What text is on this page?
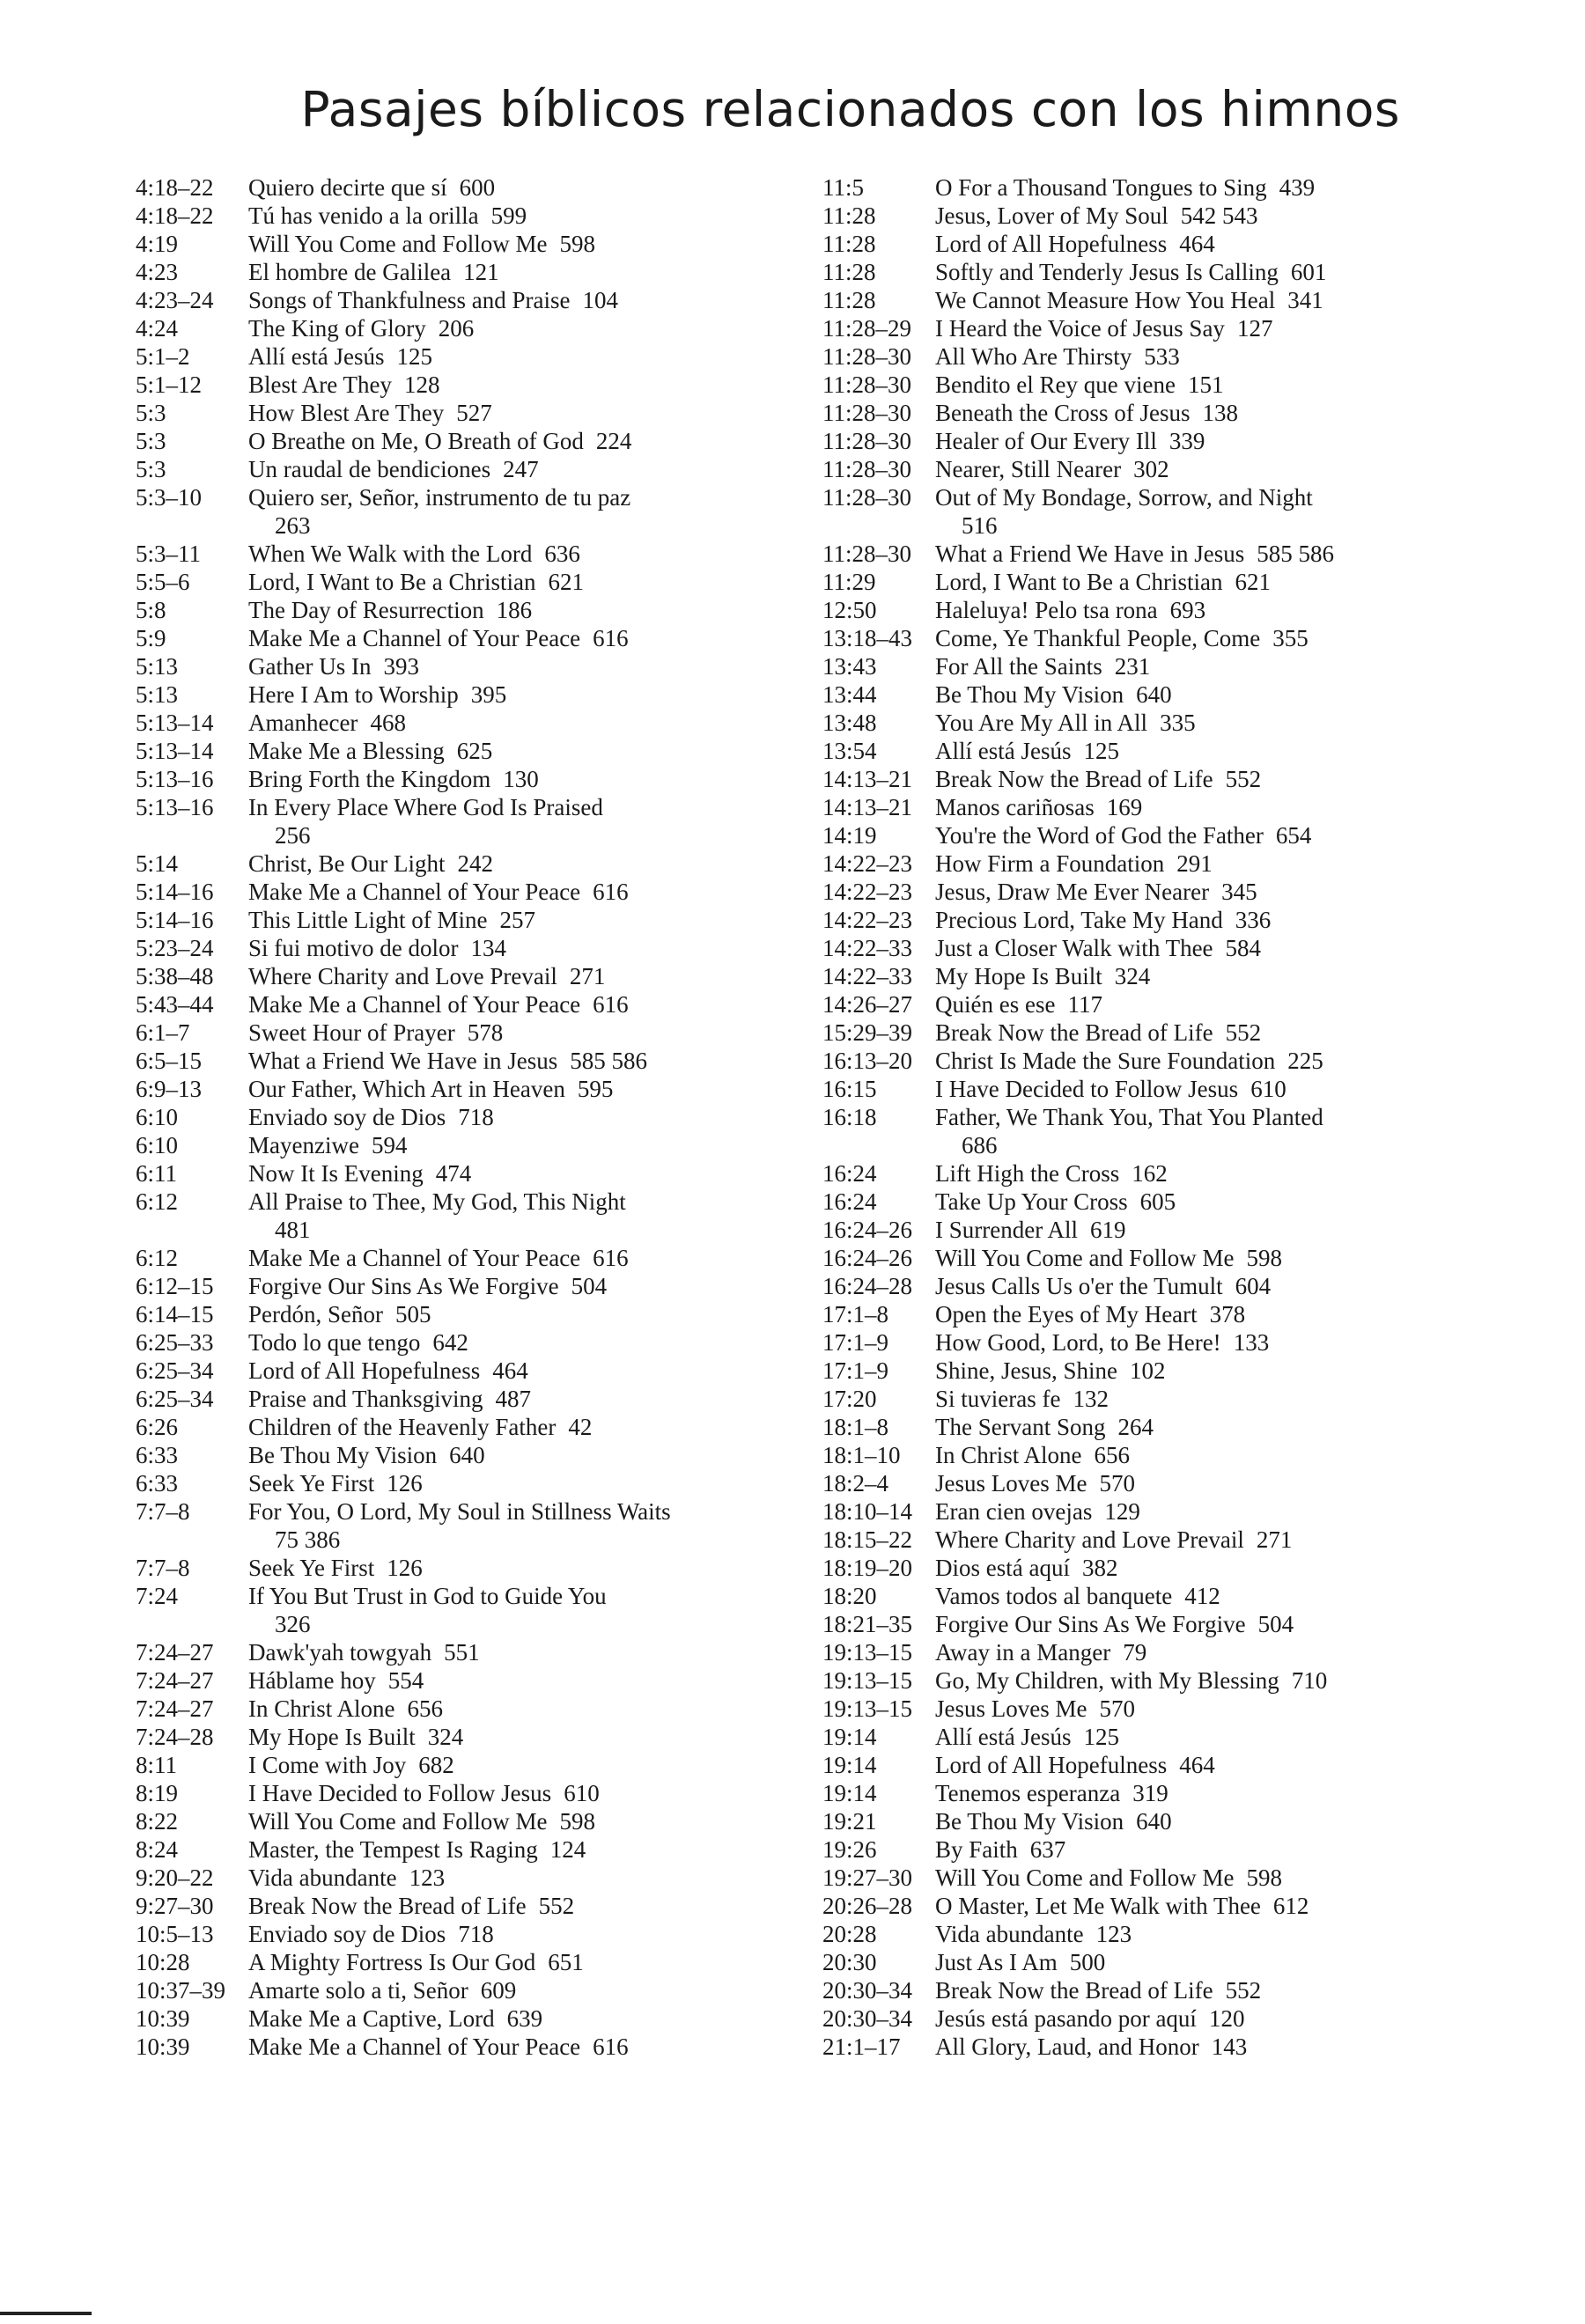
Pasajes bíblicos relacionados con los himnos
4:18–22	Quiero decirte que sí 600
4:18–22	Tú has venido a la orilla 599
4:19	Will You Come and Follow Me 598
4:23	El hombre de Galilea 121
4:23–24	Songs of Thankfulness and Praise 104
4:24	The King of Glory 206
5:1–2	Allí está Jesús 125
5:1–12	Blest Are They 128
5:3	How Blest Are They 527
5:3	O Breathe on Me, O Breath of God 224
5:3	Un raudal de bendiciones 247
5:3–10	Quiero ser, Señor, instrumento de tu paz
263
5:3–11	When We Walk with the Lord 636
5:5–6	Lord, I Want to Be a Christian 621
5:8	The Day of Resurrection 186
5:9	Make Me a Channel of Your Peace 616
5:13	Gather Us In 393
5:13	Here I Am to Worship 395
5:13–14	Amanhecer 468
5:13–14	Make Me a Blessing 625
5:13–16	Bring Forth the Kingdom 130
5:13–16	In Every Place Where God Is Praised
256
5:14	Christ, Be Our Light 242
5:14–16	Make Me a Channel of Your Peace 616
5:14–16	This Little Light of Mine 257
5:23–24	Si fui motivo de dolor 134
5:38–48	Where Charity and Love Prevail 271
5:43–44	Make Me a Channel of Your Peace 616
6:1–7	Sweet Hour of Prayer 578
6:5–15	What a Friend We Have in Jesus 585 586
6:9–13	Our Father, Which Art in Heaven 595
6:10	Enviado soy de Dios 718
6:10	Mayenziwe 594
6:11	Now It Is Evening 474
6:12	All Praise to Thee, My God, This Night
481
6:12	Make Me a Channel of Your Peace 616
6:12–15	Forgive Our Sins As We Forgive 504
6:14–15	Perdón, Señor 505
6:25–33	Todo lo que tengo 642
6:25–34	Lord of All Hopefulness 464
6:25–34	Praise and Thanksgiving 487
6:26	Children of the Heavenly Father 42
6:33	Be Thou My Vision 640
6:33	Seek Ye First 126
7:7–8	For You, O Lord, My Soul in Stillness Waits
75 386
7:7–8	Seek Ye First 126
7:24	If You But Trust in God to Guide You
326
7:24–27	Dawk'yah towgyah 551
7:24–27	Háblame hoy 554
7:24–27	In Christ Alone 656
7:24–28	My Hope Is Built 324
8:11	I Come with Joy 682
8:19	I Have Decided to Follow Jesus 610
8:22	Will You Come and Follow Me 598
8:24	Master, the Tempest Is Raging 124
9:20–22	Vida abundante 123
9:27–30	Break Now the Bread of Life 552
10:5–13	Enviado soy de Dios 718
10:28	A Mighty Fortress Is Our God 651
10:37–39 Amarte solo a ti, Señor 609
10:39	Make Me a Captive, Lord 639
10:39	Make Me a Channel of Your Peace 616
11:5	O For a Thousand Tongues to Sing 439
11:28	Jesus, Lover of My Soul 542 543
11:28	Lord of All Hopefulness 464
11:28	Softly and Tenderly Jesus Is Calling 601
11:28	We Cannot Measure How You Heal 341
11:28–29	I Heard the Voice of Jesus Say 127
11:28–30	All Who Are Thirsty 533
11:28–30	Bendito el Rey que viene 151
11:28–30	Beneath the Cross of Jesus 138
11:28–30	Healer of Our Every Ill 339
11:28–30	Nearer, Still Nearer 302
11:28–30	Out of My Bondage, Sorrow, and Night
516
11:28–30	What a Friend We Have in Jesus 585 586
11:29	Lord, I Want to Be a Christian 621
12:50	Haleluya! Pelo tsa rona 693
13:18–43 Come, Ye Thankful People, Come 355
13:43	For All the Saints 231
13:44	Be Thou My Vision 640
13:48	You Are My All in All 335
13:54	Allí está Jesús 125
14:13–21 Break Now the Bread of Life 552
14:13–21 Manos cariñosas 169
14:19	You're the Word of God the Father 654
14:22–23 How Firm a Foundation 291
14:22–23 Jesus, Draw Me Ever Nearer 345
14:22–23 Precious Lord, Take My Hand 336
14:22–33 Just a Closer Walk with Thee 584
14:22–33 My Hope Is Built 324
14:26–27 Quién es ese 117
15:29–39 Break Now the Bread of Life 552
16:13–20 Christ Is Made the Sure Foundation 225
16:15	I Have Decided to Follow Jesus 610
16:18	Father, We Thank You, That You Planted
686
16:24	Lift High the Cross 162
16:24	Take Up Your Cross 605
16:24–26 I Surrender All 619
16:24–26 Will You Come and Follow Me 598
16:24–28 Jesus Calls Us o'er the Tumult 604
17:1–8	Open the Eyes of My Heart 378
17:1–9	How Good, Lord, to Be Here! 133
17:1–9	Shine, Jesus, Shine 102
17:20	Si tuvieras fe 132
18:1–8	The Servant Song 264
18:1–10	In Christ Alone 656
18:2–4	Jesus Loves Me 570
18:10–14 Eran cien ovejas 129
18:15–22 Where Charity and Love Prevail 271
18:19–20 Dios está aquí 382
18:20	Vamos todos al banquete 412
18:21–35 Forgive Our Sins As We Forgive 504
19:13–15 Away in a Manger 79
19:13–15 Go, My Children, with My Blessing 710
19:13–15 Jesus Loves Me 570
19:14	Allí está Jesús 125
19:14	Lord of All Hopefulness 464
19:14	Tenemos esperanza 319
19:21	Be Thou My Vision 640
19:26	By Faith 637
19:27–30 Will You Come and Follow Me 598
20:26–28 O Master, Let Me Walk with Thee 612
20:28	Vida abundante 123
20:30	Just As I Am 500
20:30–34 Break Now the Bread of Life 552
20:30–34 Jesús está pasando por aquí 120
21:1–17	All Glory, Laud, and Honor 143
